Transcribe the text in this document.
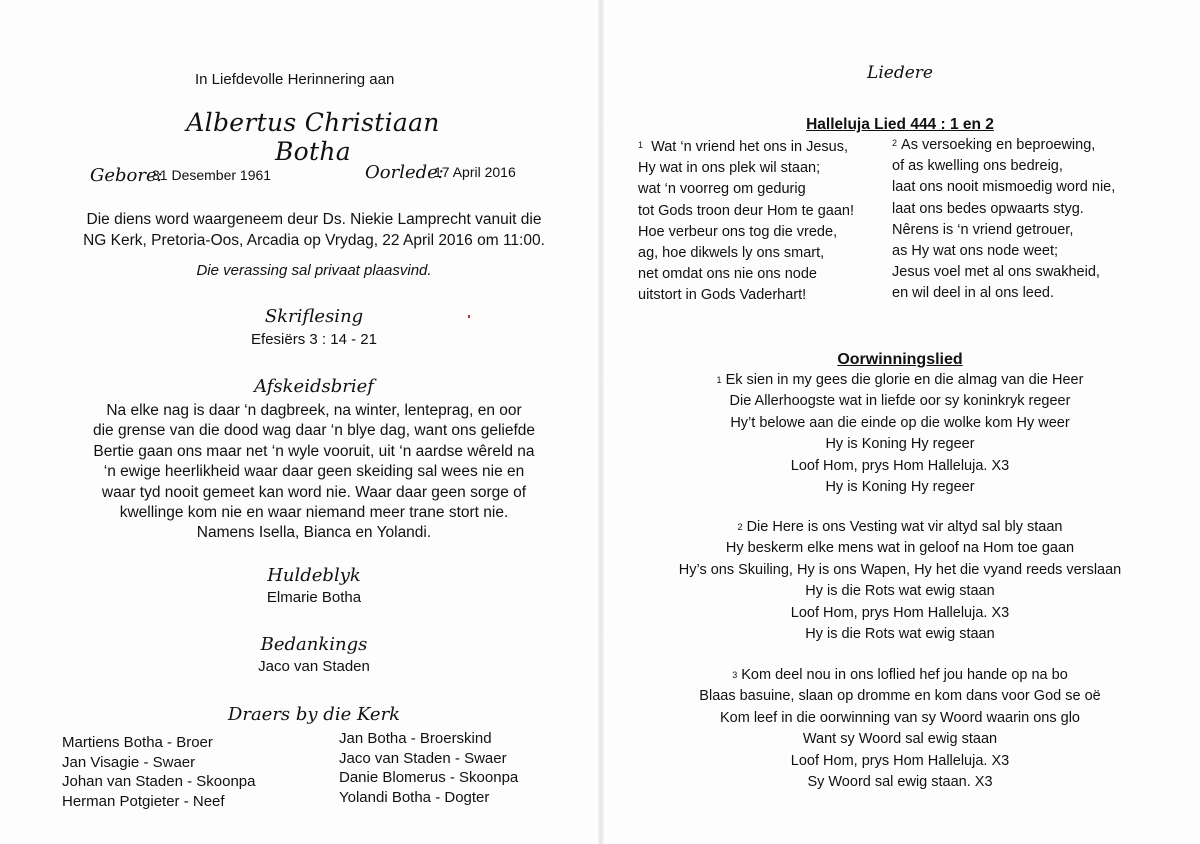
In Liefdevolle Herinnering aan
Albertus Christiaan Botha
Gebore:
31 Desember 1961	Oorlede:
17 April 2016
Die diens word waargeneem deur Ds. Niekie Lamprecht vanuit die
NG Kerk, Pretoria-Oos, Arcadia op Vrydag, 22 April 2016 om 11:00.
Die verassing sal privaat plaasvind.
Skriflesing
Efesiërs 3 : 14 - 21
Afskeidsbrief
Na elke nag is daar ‘n dagbreek, na winter, lenteprag, en oor
die grense van die dood wag daar ‘n blye dag, want ons geliefde
Bertie gaan ons maar net ‘n wyle vooruit, uit ‘n aardse wêreld na
‘n ewige heerlikheid waar daar geen skeiding sal wees nie en
waar tyd nooit gemeet kan word nie. Waar daar geen sorge of
kwellinge kom nie en waar niemand meer trane stort nie.
Namens Isella, Bianca en Yolandi.
Huldeblyk
Elmarie Botha
Bedankings
Jaco van Staden
Draers by die Kerk
Martiens Botha - Broer
Jan Visagie - Swaer
Johan van Staden - Skoonpa
Herman Potgieter - Neef
Jan Botha - Broerskind
Jaco van Staden - Swaer
Danie Blomerus - Skoonpa
Yolandi Botha - Dogter
Liedere
Halleluja Lied 444 : 1 en 2
$^1$ Wat ‘n vriend het ons in Jesus,
Hy wat in ons plek wil staan;
wat ‘n voorreg om gedurig
tot Gods troon deur Hom te gaan!
Hoe verbeur ons tog die vrede,
ag, hoe dikwels ly ons smart,
net omdat ons nie ons node
uitstort in Gods Vaderhart!
$^2$ As versoeking en beproewing,
of as kwelling ons bedreig,
laat ons nooit mismoedig word nie,
laat ons bedes opwaarts styg.
Nêrens is ‘n vriend getrouer,
as Hy wat ons node weet;
Jesus voel met al ons swakheid,
en wil deel in al ons leed.
Oorwinningslied
$^1$ Ek sien in my gees die glorie en die almag van die Heer
Die Allerhoogste wat in liefde oor sy koninkryk regeer
Hy’t belowe aan die einde op die wolke kom Hy weer
Hy is Koning Hy regeer
Loof Hom, prys Hom Halleluja. X3
Hy is Koning Hy regeer
$^2$ Die Here is ons Vesting wat vir altyd sal bly staan
Hy beskerm elke mens wat in geloof na Hom toe gaan
Hy’s ons Skuiling, Hy is ons Wapen, Hy het die vyand reeds verslaan
Hy is die Rots wat ewig staan
Loof Hom, prys Hom Halleluja. X3
Hy is die Rots wat ewig staan
$^3$ Kom deel nou in ons loflied hef jou hande op na bo
Blaas basuine, slaan op dromme en kom dans voor God se oë
Kom leef in die oorwinning van sy Woord waarin ons glo
Want sy Woord sal ewig staan
Loof Hom, prys Hom Halleluja. X3
Sy Woord sal ewig staan. X3
